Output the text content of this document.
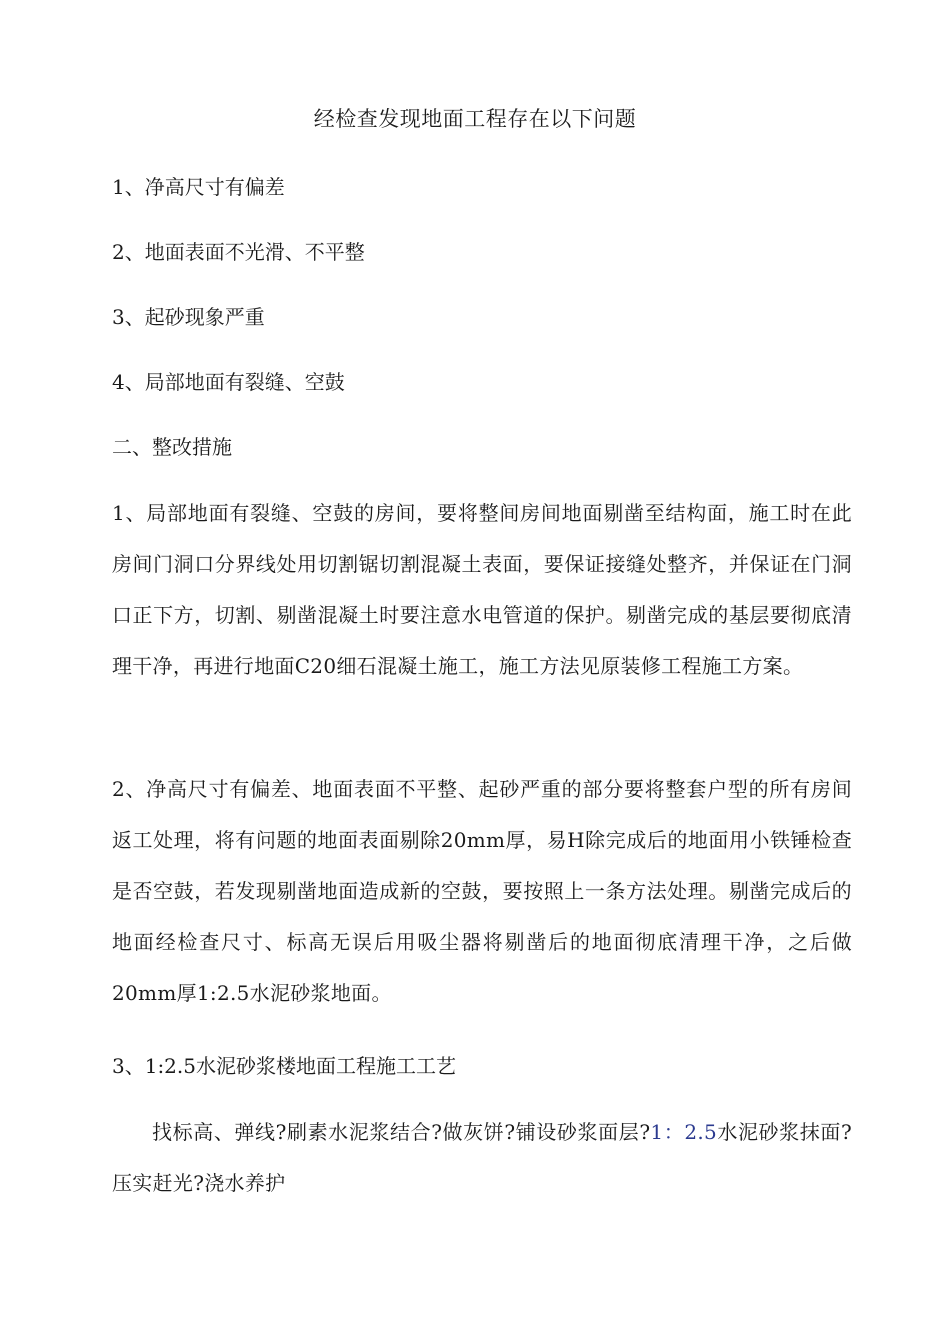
经检查发现地面工程存在以下问题
1、净高尺寸有偏差
2、地面表面不光滑、不平整
3、起砂现象严重
4、局部地面有裂缝、空鼓
二、整改措施
1、局部地面有裂缝、空鼓的房间，要将整间房间地面剔凿至结构面，施工时在此房间门洞口分界线处用切割锯切割混凝土表面，要保证接缝处整齐，并保证在门洞口正下方，切割、剔凿混凝土时要注意水电管道的保护。剔凿完成的基层要彻底清理干净，再进行地面C20细石混凝土施工，施工方法见原装修工程施工方案。
2、净高尺寸有偏差、地面表面不平整、起砂严重的部分要将整套户型的所有房间返工处理，将有问题的地面表面剔除20mm厚，易H除完成后的地面用小铁锤检查是否空鼓，若发现剔凿地面造成新的空鼓，要按照上一条方法处理。剔凿完成后的地面经检查尺寸、标高无误后用吸尘器将剔凿后的地面彻底清理干净，之后做20mm厚1:2.5水泥砂浆地面。
3、1:2.5水泥砂浆楼地面工程施工工艺
找标高、弹线?刷素水泥浆结合?做灰饼?铺设砂浆面层?1：2.5水泥砂浆抹面?压实赶光?浇水养护
